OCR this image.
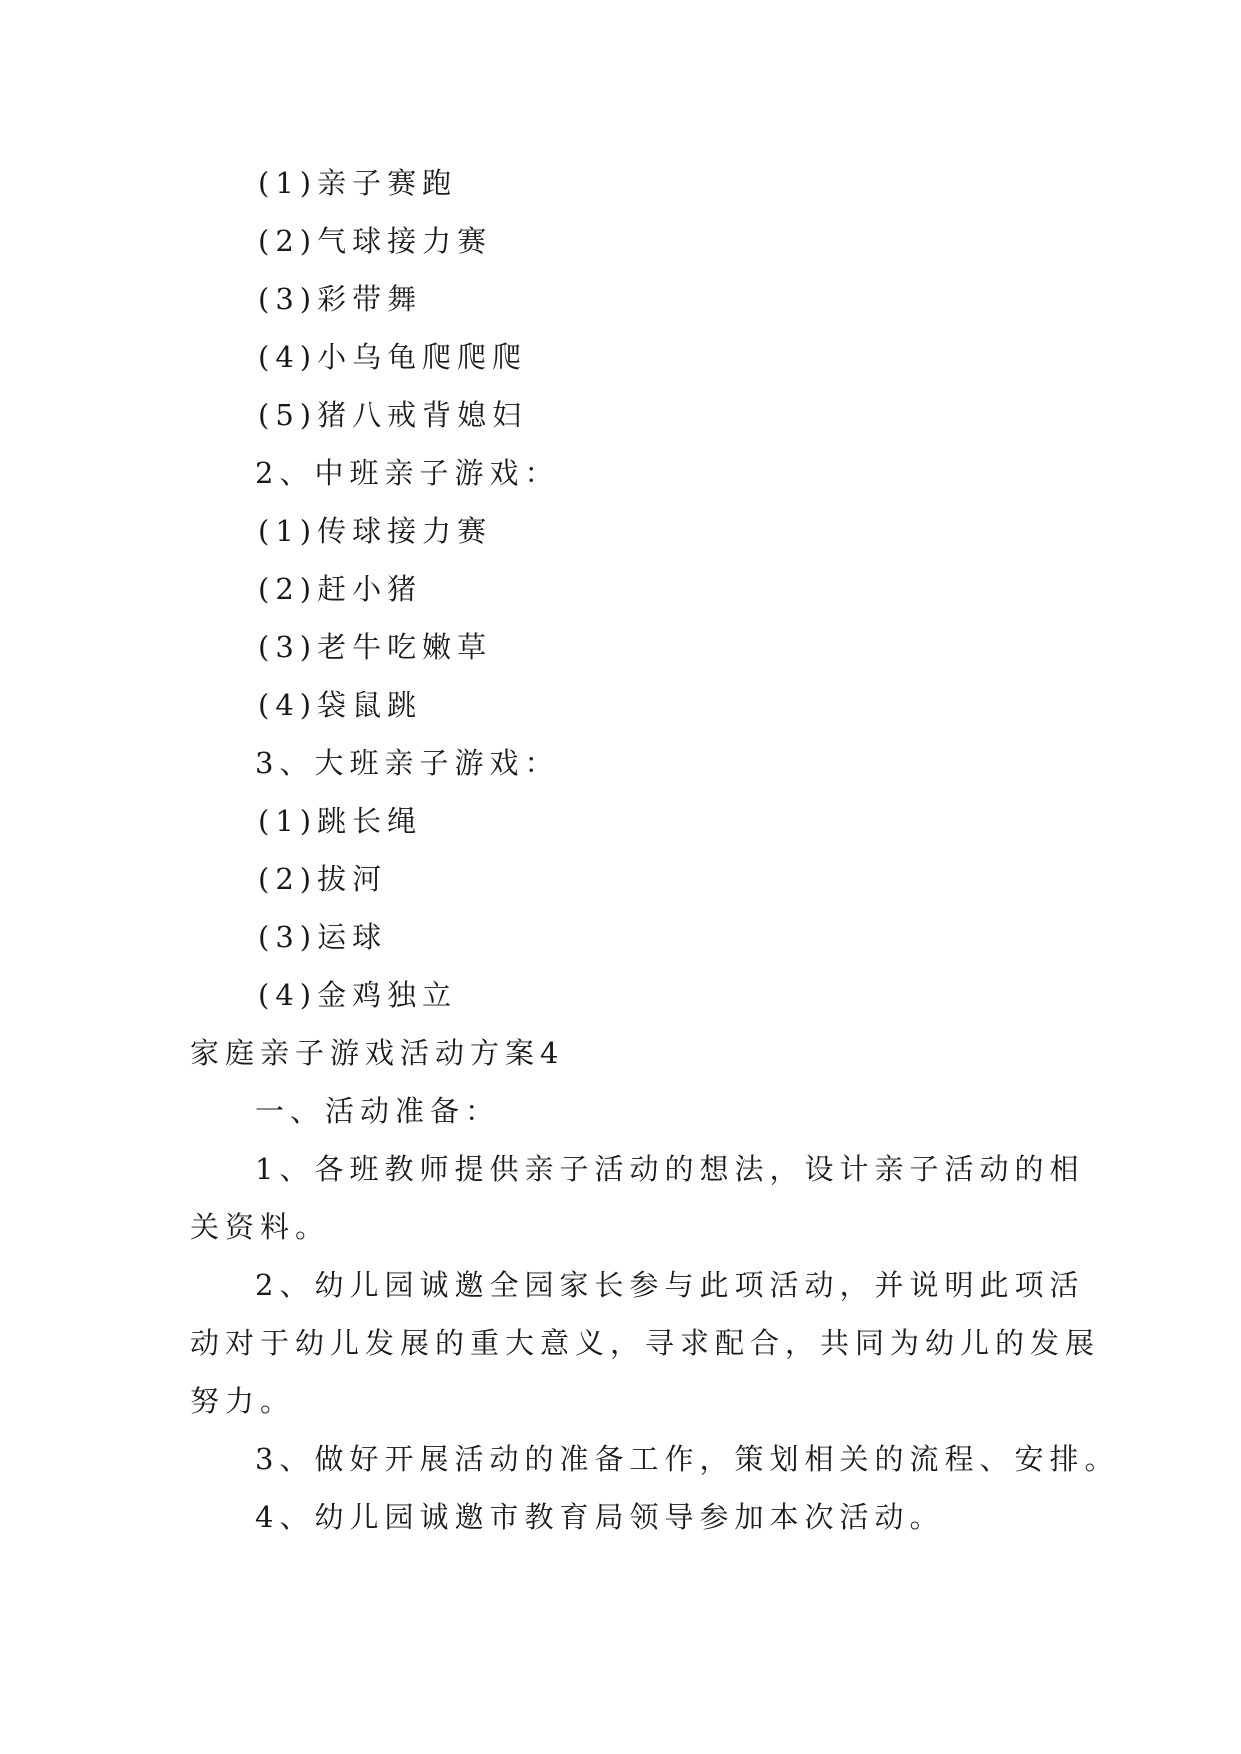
(1)亲子赛跑
(2)气球接力赛
(3)彩带舞
(4)小乌龟爬爬爬
(5)猪八戒背媳妇
2、中班亲子游戏：
(1)传球接力赛
(2)赶小猪
(3)老牛吃嫩草
(4)袋鼠跳
3、大班亲子游戏：
(1)跳长绳
(2)拔河
(3)运球
(4)金鸡独立
家庭亲子游戏活动方案4
一、活动准备：
1、各班教师提供亲子活动的想法，设计亲子活动的相
关资料。
2、幼儿园诚邀全园家长参与此项活动，并说明此项活
动对于幼儿发展的重大意义，寻求配合，共同为幼儿的发展
努力。
3、做好开展活动的准备工作，策划相关的流程、安排。
4、幼儿园诚邀市教育局领导参加本次活动。
